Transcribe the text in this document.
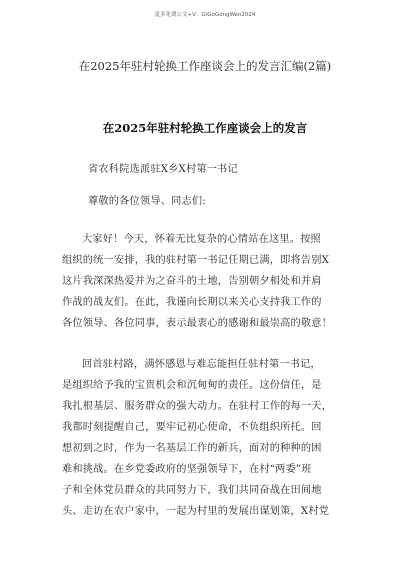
更多免费公文+V：GiGoGongWen2024
在2025年驻村轮换工作座谈会上的发言汇编(2篇)
在2025年驻村轮换工作座谈会上的发言
省农科院选派驻X乡X村第一书记
尊敬的各位领导、同志们:
大家好！今天，怀着无比复杂的心情站在这里。按照
组织的统一安排，我的驻村第一书记任期已满，即将告别X
这片我深深热爱并为之奋斗的土地，告别朝夕相处和并肩
作战的战友们。在此，我谨向长期以来关心支持我工作的
各位领导、各位同事，表示最衷心的感谢和最崇高的敬意！
回首驻村路，满怀感恩与难忘能担任驻村第一书记，
是组织给予我的宝贵机会和沉甸甸的责任。这份信任，是
我扎根基层、服务群众的强大动力。在驻村工作的每一天，
我都时刻提醒自己，要牢记初心使命，不负组织所托。回
想初到之时，作为一名基层工作的新兵，面对的种种的困
难和挑战。在乡党委政府的坚强领导下，在村“两委”班
子和全体党员群众的共同努力下，我们共同奋战在田间地
头、走访在农户家中，一起为村里的发展出谋划策，X村党
